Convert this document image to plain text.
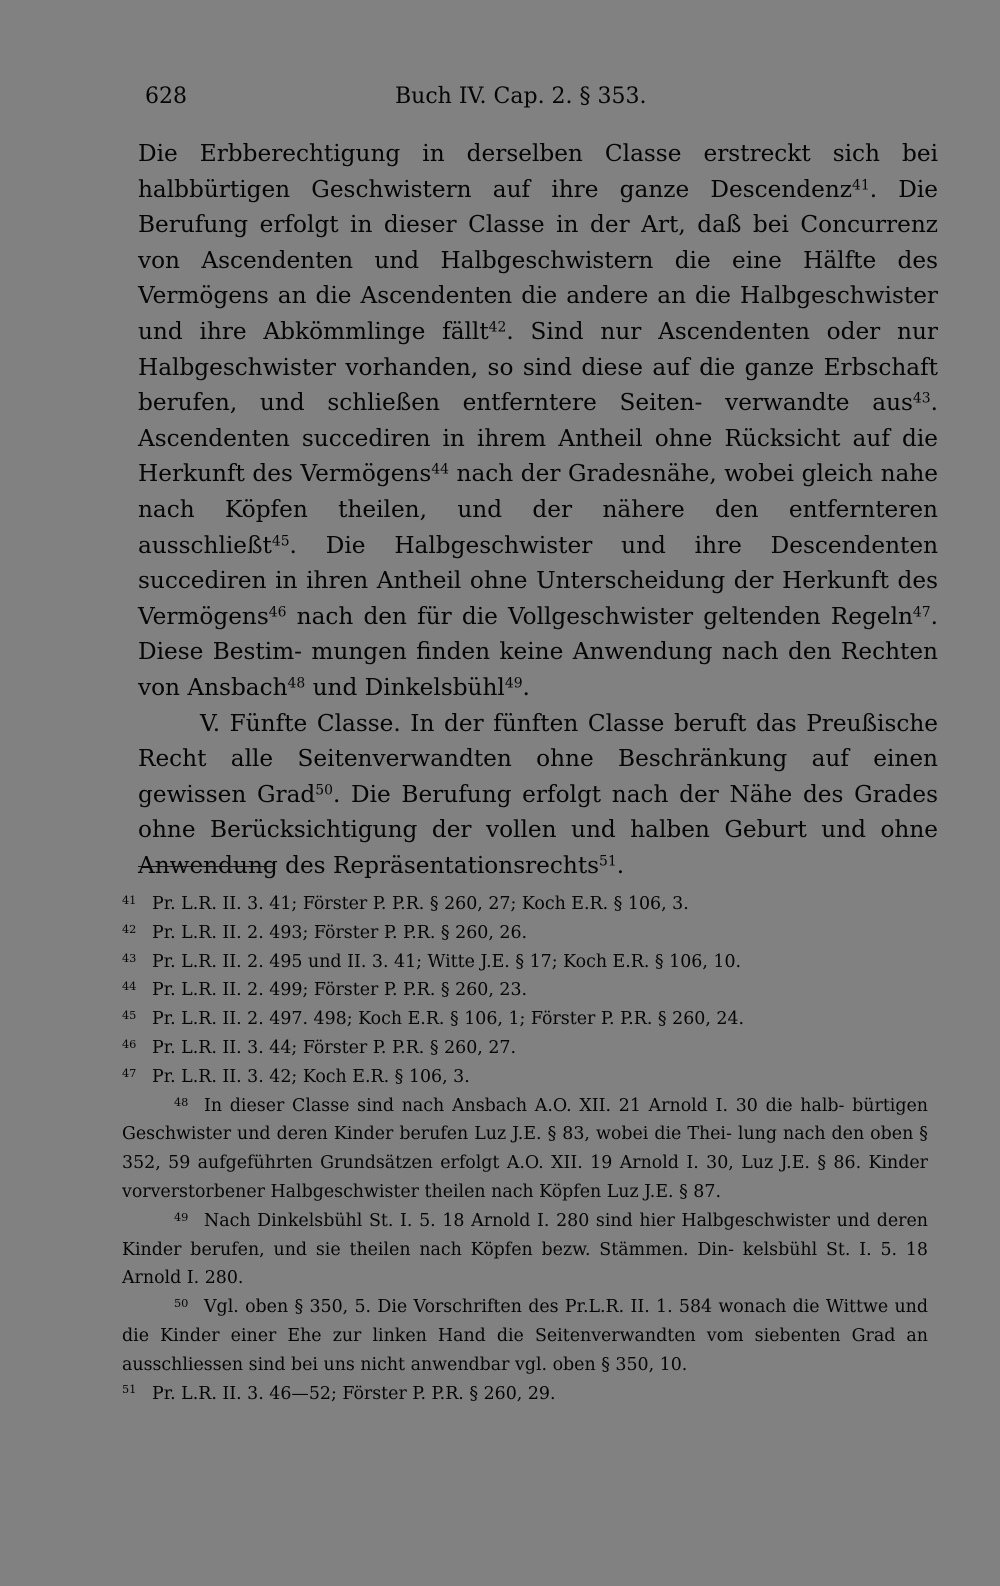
628	Buch IV. Cap. 2. § 353.

Die Erbberechtigung in derselben Classe erstreckt sich bei halbbürtigen Geschwistern auf ihre ganze Descendenz$^{41}$. Die Berufung erfolgt in dieser Classe in der Art, daß bei Concurrenz von Ascendenten und Halbgeschwistern die eine Hälfte des Vermögens an die Ascendenten die andere an die Halbgeschwister und ihre Abkömmlinge fällt$^{42}$. Sind nur Ascendenten oder nur Halbgeschwister vorhanden, so sind diese auf die ganze Erbschaft berufen, und schließen entferntere Seiten- verwandte aus$^{43}$. Ascendenten succediren in ihrem Antheil ohne Rücksicht auf die Herkunft des Vermögens$^{44}$ nach der Gradesnähe, wobei gleich nahe nach Köpfen theilen, und der nähere den entfernteren ausschließt$^{45}$. Die Halbgeschwister und ihre Descendenten succediren in ihren Antheil ohne Unterscheidung der Herkunft des Vermögens$^{46}$ nach den für die Vollgeschwister geltenden Regeln$^{47}$. Diese Bestim- mungen finden keine Anwendung nach den Rechten von Ansbach$^{48}$ und Dinkelsbühl$^{49}$.

V. Fünfte Classe. In der fünften Classe beruft das Preußische Recht alle Seitenverwandten ohne Beschränkung auf einen gewissen Grad$^{50}$. Die Berufung erfolgt nach der Nähe des Grades ohne Berücksichtigung der vollen und halben Geburt und ohne Anwendung des Repräsentationsrechts$^{51}$.

41 Pr. L.R. II. 3. 41; Förster P. P.R. § 260, 27; Koch E.R. § 106, 3.

42 Pr. L.R. II. 2. 493; Förster P. P.R. § 260, 26.

43 Pr. L.R. II. 2. 495 und II. 3. 41; Witte J.E. § 17; Koch E.R. § 106, 10.

44 Pr. L.R. II. 2. 499; Förster P. P.R. § 260, 23.

45 Pr. L.R. II. 2. 497. 498; Koch E.R. § 106, 1; Förster P. P.R. § 260, 24.

46 Pr. L.R. II. 3. 44; Förster P. P.R. § 260, 27.

47 Pr. L.R. II. 3. 42; Koch E.R. § 106, 3.

48 In dieser Classe sind nach Ansbach A.O. XII. 21 Arnold I. 30 die halb- bürtigen Geschwister und deren Kinder berufen Luz J.E. § 83, wobei die Thei- lung nach den oben § 352, 59 aufgeführten Grundsätzen erfolgt A.O. XII. 19 Arnold I. 30, Luz J.E. § 86. Kinder vorverstorbener Halbgeschwister theilen nach Köpfen Luz J.E. § 87.

49 Nach Dinkelsbühl St. I. 5. 18 Arnold I. 280 sind hier Halbgeschwister und deren Kinder berufen, und sie theilen nach Köpfen bezw. Stämmen. Din- kelsbühl St. I. 5. 18 Arnold I. 280.

50 Vgl. oben § 350, 5. Die Vorschriften des Pr.L.R. II. 1. 584 wonach die Wittwe und die Kinder einer Ehe zur linken Hand die Seitenverwandten vom siebenten Grad an ausschliessen sind bei uns nicht anwendbar vgl. oben § 350, 10.

51 Pr. L.R. II. 3. 46—52; Förster P. P.R. § 260, 29.
